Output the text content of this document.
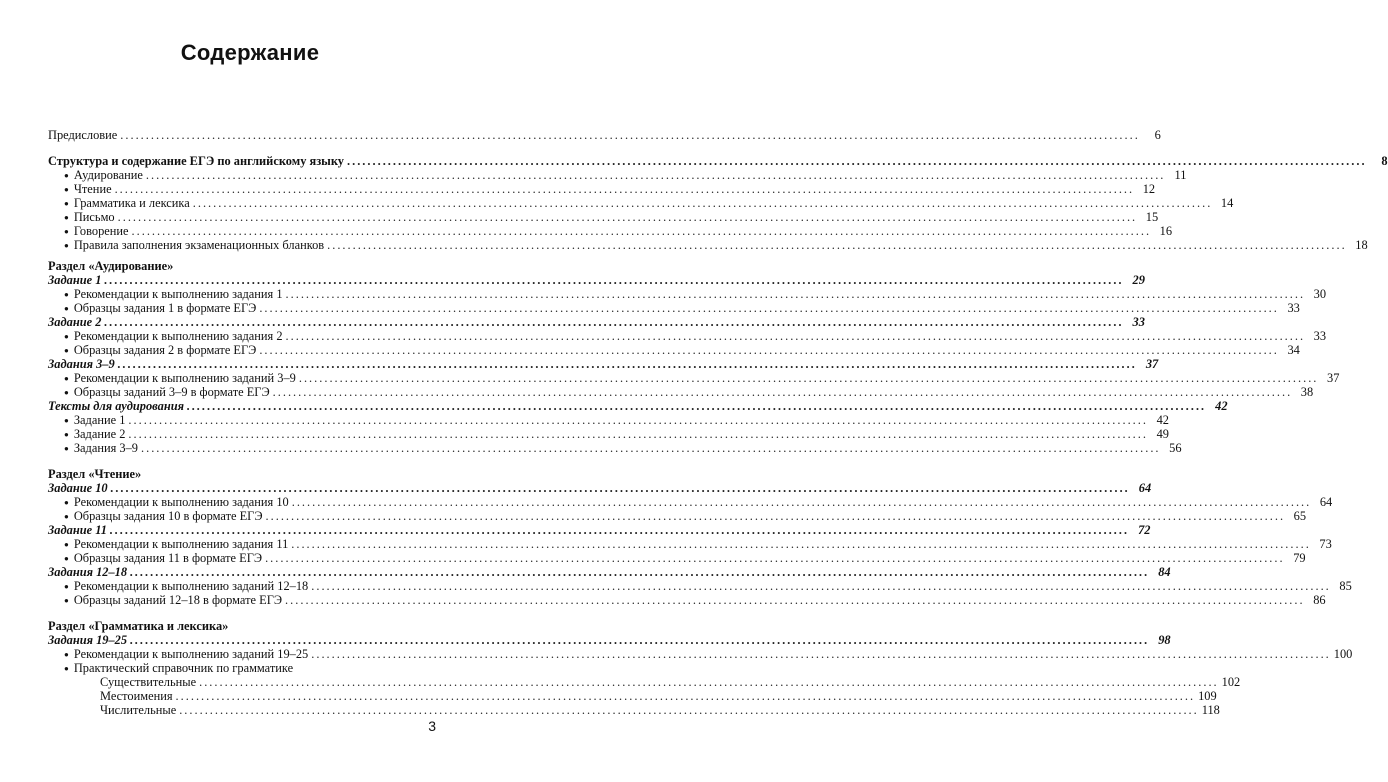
Содержание
Предисловие ........................................................................................................................................................................................................	6
Структура и содержание ЕГЭ по английскому языку ........................................................................................................................................................................................................	8
● Аудирование ........................................................................................................................................................................................................ 11
● Чтение ........................................................................................................................................................................................................ 12
● Грамматика и лексика ........................................................................................................................................................................................................ 14
● Письмо ........................................................................................................................................................................................................ 15
● Говорение ........................................................................................................................................................................................................ 16
● Правила заполнения экзаменационных бланков ........................................................................................................................................................................................................ 18
Раздел «Аудирование»
Задание 1 ........................................................................................................................................................................................................ 29
● Рекомендации к выполнению задания 1 ........................................................................................................................................................................................................ 30
● Образцы задания 1 в формате ЕГЭ ........................................................................................................................................................................................................ 33
Задание 2 ........................................................................................................................................................................................................ 33
● Рекомендации к выполнению задания 2 ........................................................................................................................................................................................................ 33
● Образцы задания 2 в формате ЕГЭ ........................................................................................................................................................................................................ 34
Задания 3–9 ........................................................................................................................................................................................................ 37
● Рекомендации к выполнению заданий 3–9 ........................................................................................................................................................................................................ 37
● Образцы заданий 3–9 в формате ЕГЭ ........................................................................................................................................................................................................ 38
Тексты для аудирования ........................................................................................................................................................................................................ 42
● Задание 1 ........................................................................................................................................................................................................ 42
● Задание 2 ........................................................................................................................................................................................................ 49
● Задания 3–9 ........................................................................................................................................................................................................ 56
Раздел «Чтение»
Задание 10 ........................................................................................................................................................................................................ 64
● Рекомендации к выполнению задания 10 ........................................................................................................................................................................................................ 64
● Образцы задания 10 в формате ЕГЭ ........................................................................................................................................................................................................ 65
Задание 11 ........................................................................................................................................................................................................ 72
● Рекомендации к выполнению задания 11 ........................................................................................................................................................................................................ 73
● Образцы задания 11 в формате ЕГЭ ........................................................................................................................................................................................................ 79
Задания 12–18 ........................................................................................................................................................................................................ 84
● Рекомендации к выполнению заданий 12–18 ........................................................................................................................................................................................................ 85
● Образцы заданий 12–18 в формате ЕГЭ ........................................................................................................................................................................................................ 86
Раздел «Грамматика и лексика»
Задания 19–25 ........................................................................................................................................................................................................ 98
● Рекомендации к выполнению заданий 19–25 ........................................................................................................................................................................................................ 100
● Практический справочник по грамматике
Существительные ........................................................................................................................................................................................................ 102
Местоимения ........................................................................................................................................................................................................ 109
Числительные ........................................................................................................................................................................................................ 118
3
